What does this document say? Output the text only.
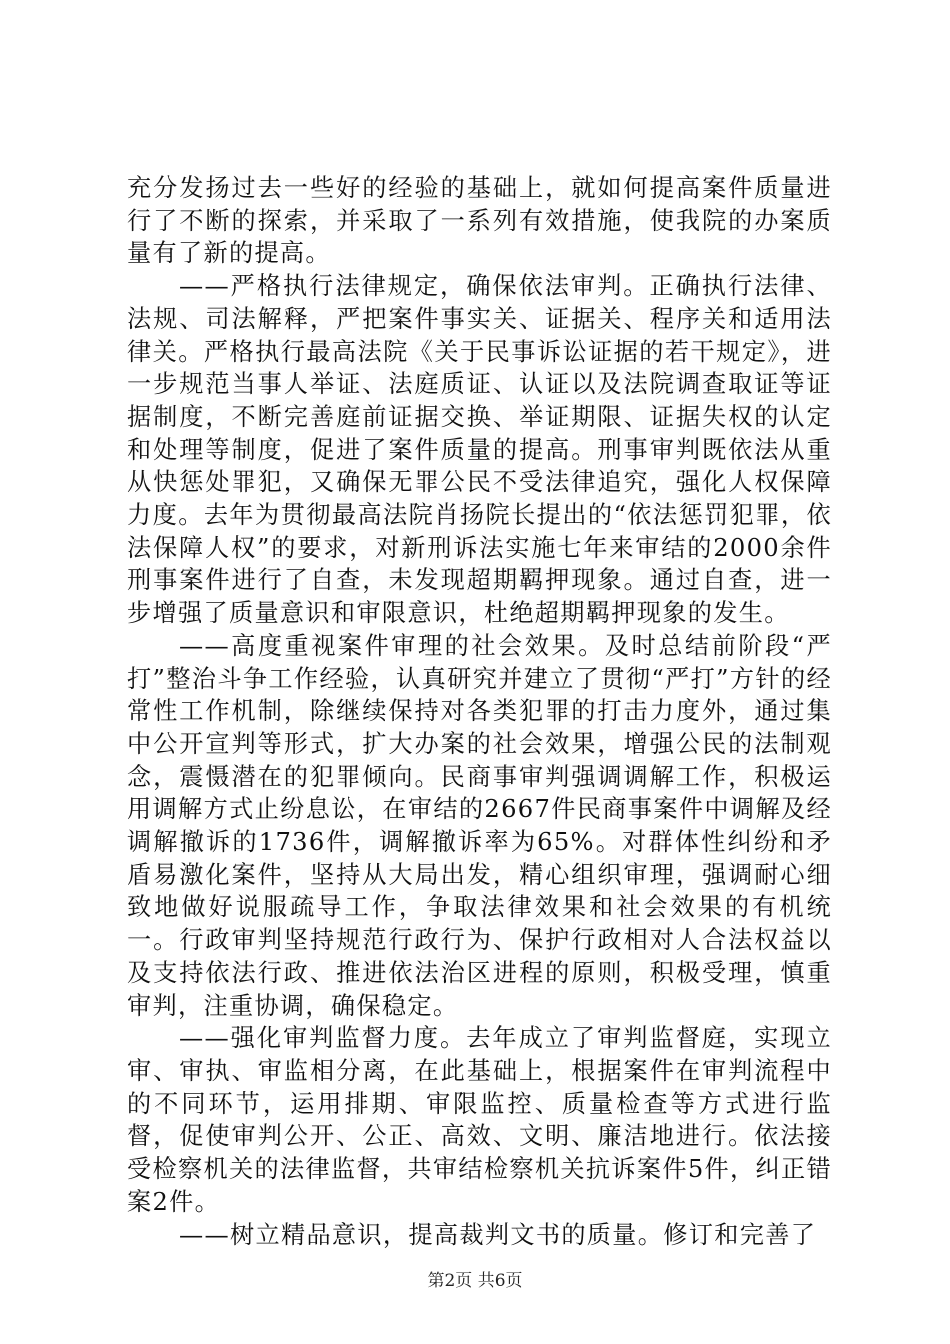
充分发扬过去一些好的经验的基础上，就如何提高案件质量进行了不断的探索，并采取了一系列有效措施，使我院的办案质量有了新的提高。

——严格执行法律规定，确保依法审判。正确执行法律、法规、司法解释，严把案件事实关、证据关、程序关和适用法律关。严格执行最高法院《关于民事诉讼证据的若干规定》，进一步规范当事人举证、法庭质证、认证以及法院调查取证等证据制度，不断完善庭前证据交换、举证期限、证据失权的认定和处理等制度，促进了案件质量的提高。刑事审判既依法从重从快惩处罪犯，又确保无罪公民不受法律追究，强化人权保障力度。去年为贯彻最高法院肖扬院长提出的“依法惩罚犯罪，依法保障人权”的要求，对新刑诉法实施七年来审结的2000余件刑事案件进行了自查，未发现超期羁押现象。通过自查，进一步增强了质量意识和审限意识，杜绝超期羁押现象的发生。

——高度重视案件审理的社会效果。及时总结前阶段“严打”整治斗争工作经验，认真研究并建立了贯彻“严打”方针的经常性工作机制，除继续保持对各类犯罪的打击力度外，通过集中公开宣判等形式，扩大办案的社会效果，增强公民的法制观念，震慑潜在的犯罪倾向。民商事审判强调调解工作，积极运用调解方式止纷息讼，在审结的2667件民商事案件中调解及经调解撤诉的1736件，调解撤诉率为65%。对群体性纠纷和矛盾易激化案件，坚持从大局出发，精心组织审理，强调耐心细致地做好说服疏导工作，争取法律效果和社会效果的有机统一。行政审判坚持规范行政行为、保护行政相对人合法权益以及支持依法行政、推进依法治区进程的原则，积极受理，慎重审判，注重协调，确保稳定。

——强化审判监督力度。去年成立了审判监督庭，实现立审、审执、审监相分离，在此基础上，根据案件在审判流程中的不同环节，运用排期、审限监控、质量检查等方式进行监督，促使审判公开、公正、高效、文明、廉洁地进行。依法接受检察机关的法律监督，共审结检察机关抗诉案件5件，纠正错案2件。

——树立精品意识，提高裁判文书的质量。修订和完善了

第2页 共6页
